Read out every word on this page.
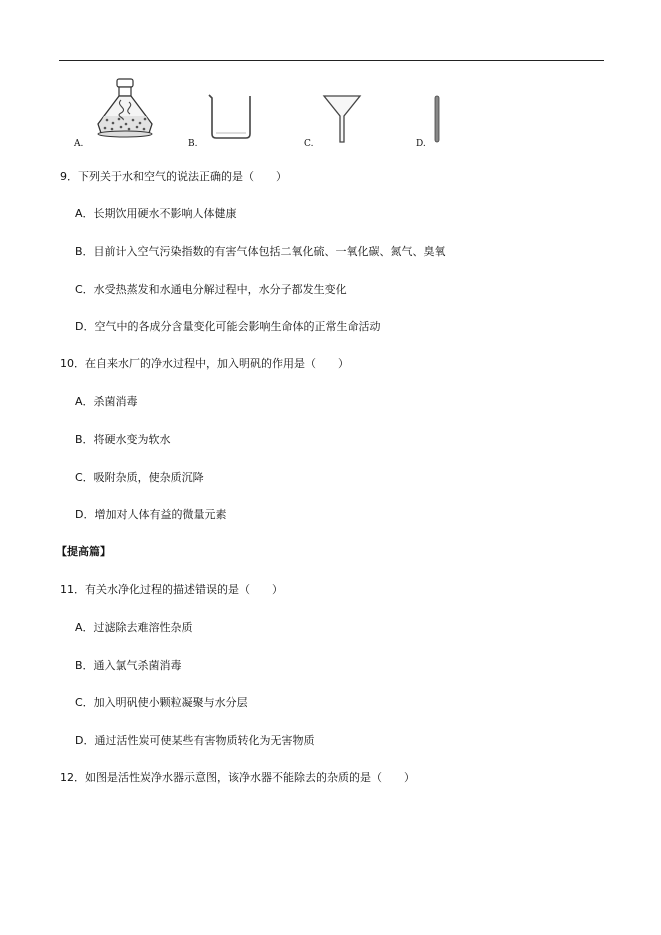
A.	B.	C.	D.
9．下列关于水和空气的说法正确的是（　　）
A．长期饮用硬水不影响人体健康
B．目前计入空气污染指数的有害气体包括二氧化硫、一氧化碳、氮气、臭氧
C．水受热蒸发和水通电分解过程中，水分子都发生变化
D．空气中的各成分含量变化可能会影响生命体的正常生命活动
10．在自来水厂的净水过程中，加入明矾的作用是（　　）
A．杀菌消毒
B．将硬水变为软水
C．吸附杂质，使杂质沉降
D．增加对人体有益的微量元素
【提高篇】
11．有关水净化过程的描述错误的是（　　）
A．过滤除去难溶性杂质
B．通入氯气杀菌消毒
C．加入明矾使小颗粒凝聚与水分层
D．通过活性炭可使某些有害物质转化为无害物质
12．如图是活性炭净水器示意图，该净水器不能除去的杂质的是（　　）
